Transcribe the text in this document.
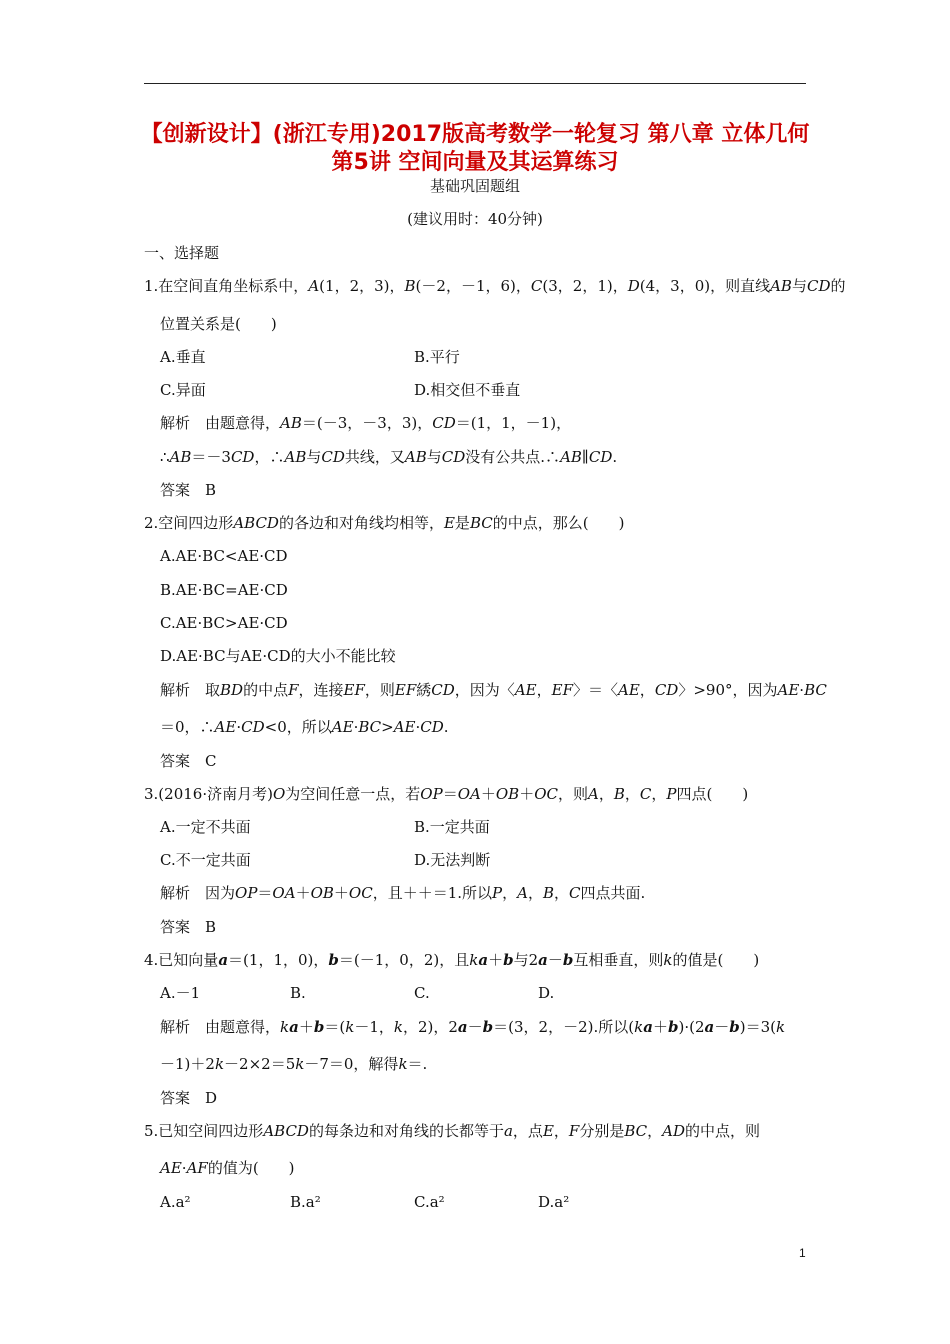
【创新设计】(浙江专用)2017版高考数学一轮复习 第八章 立体几何
第5讲 空间向量及其运算练习
基础巩固题组
(建议用时：40分钟)
一、选择题
1.在空间直角坐标系中，A(1，2，3)，B(－2，－1，6)，C(3，2，1)，D(4，3，0)，则直线AB与CD的
位置关系是(　　)
A.垂直	B.平行
C.异面	D.相交但不垂直
解析　由题意得，AB＝(－3，－3，3)，CD＝(1，1，－1)，
∴AB＝－3CD，∴AB与CD共线，又AB与CD没有公共点.∴AB∥CD.
答案　B
2.空间四边形ABCD的各边和对角线均相等，E是BC的中点，那么(　　)
A.AE·BC<AE·CD
B.AE·BC=AE·CD
C.AE·BC>AE·CD
D.AE·BC与AE·CD的大小不能比较
解析　取BD的中点F，连接EF，则EF綉CD，因为〈AE，EF〉＝〈AE，CD〉>90°，因为AE·BC
＝0，∴AE·CD<0，所以AE·BC>AE·CD.
答案　C
3.(2016·济南月考)O为空间任意一点，若OP＝OA＋OB＋OC，则A，B，C，P四点(　　)
A.一定不共面	B.一定共面
C.不一定共面	D.无法判断
解析　因为OP＝OA＋OB＋OC，且＋＋＝1.所以P，A，B，C四点共面.
答案　B
4.已知向量a＝(1，1，0)，b＝(－1，0，2)，且ka＋b与2a－b互相垂直，则k的值是(　　)
A.－1	B.	C.	D.
解析　由题意得，ka＋b＝(k－1，k，2)，2a－b＝(3，2，－2).所以(ka＋b)·(2a－b)＝3(k
－1)＋2k－2×2＝5k－7＝0，解得k＝.
答案　D
5.已知空间四边形ABCD的每条边和对角线的长都等于a，点E，F分别是BC，AD的中点，则
AE·AF的值为(　　)
A.a²	B.a²	C.a²	D.a²
1
